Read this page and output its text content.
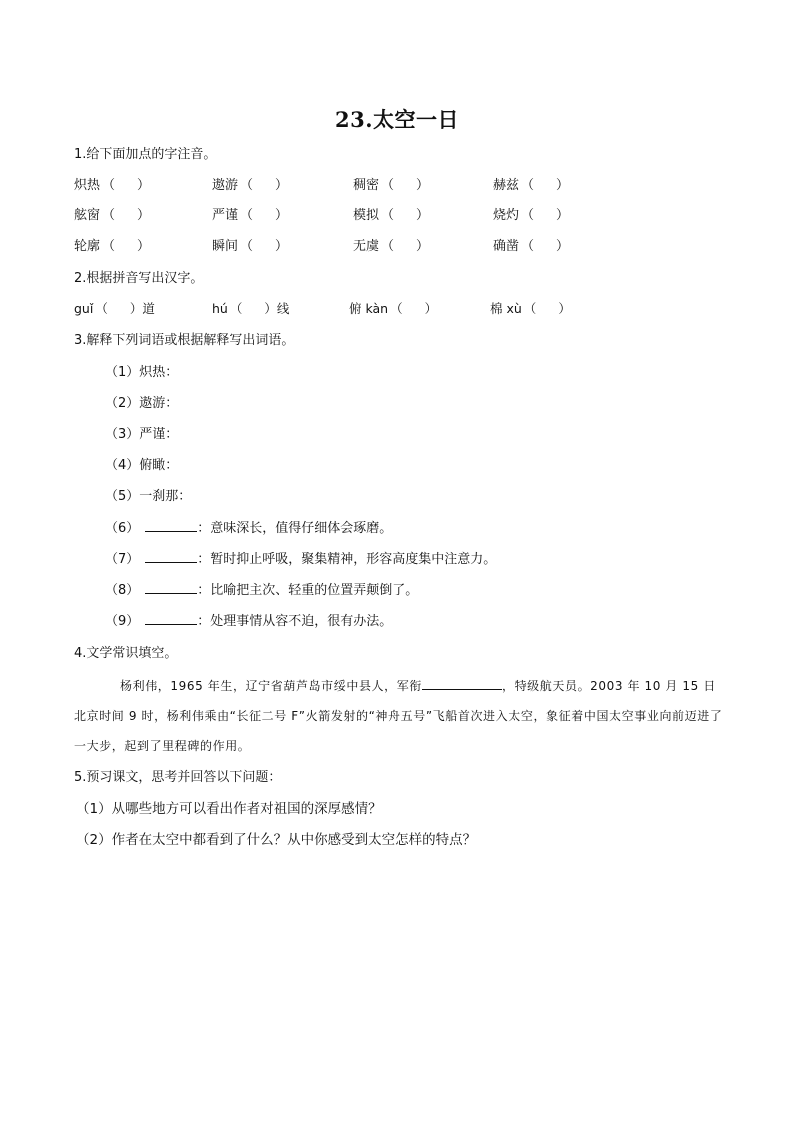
23.太空一日
1.给下面加点的字注音。
炽热 （  ）	遨游 （  ）	稠密 （  ）	赫兹（  ）
舷窗 （  ）	严谨 （  ）	模拟 （  ）	烧灼（  ）
轮廓 （  ）	瞬间 （  ）	无虞 （  ）	确凿（  ）
2.根据拼音写出汉字。
guǐ （  ）	道	hú （  ）	线	俯 kàn （  ）	棉 xù（  ）
3.解释下列词语或根据解释写出词语。
（1）炽热：
（2）遨游：
（3）严谨：
（4）俯瞰：
（5）一刹那：
（6）	：意味深长，值得仔细体会琢磨。
（7）	：暂时抑止呼吸，聚集精神，形容高度集中注意力。
（8）	：比喻把主次、轻重的位置弄颠倒了。
（9）	：处理事情从容不迫，很有办法。
4.文学常识填空。
杨利伟，1965 年生，辽宁省葫芦岛市绥中县人，军衔	，特级航天员。2003 年 10 月 15 日北京时间 9 时，杨利伟乘由“长征二号 F”火箭发射的“神舟五号”飞船首次进入太空，象征着中国太空事业向前迈进了一大步，起到了里程碑的作用。
5.预习课文，思考并回答以下问题：
（1）从哪些地方可以看出作者对祖国的深厚感情？
（2）作者在太空中都看到了什么？从中你感受到太空怎样的特点？
